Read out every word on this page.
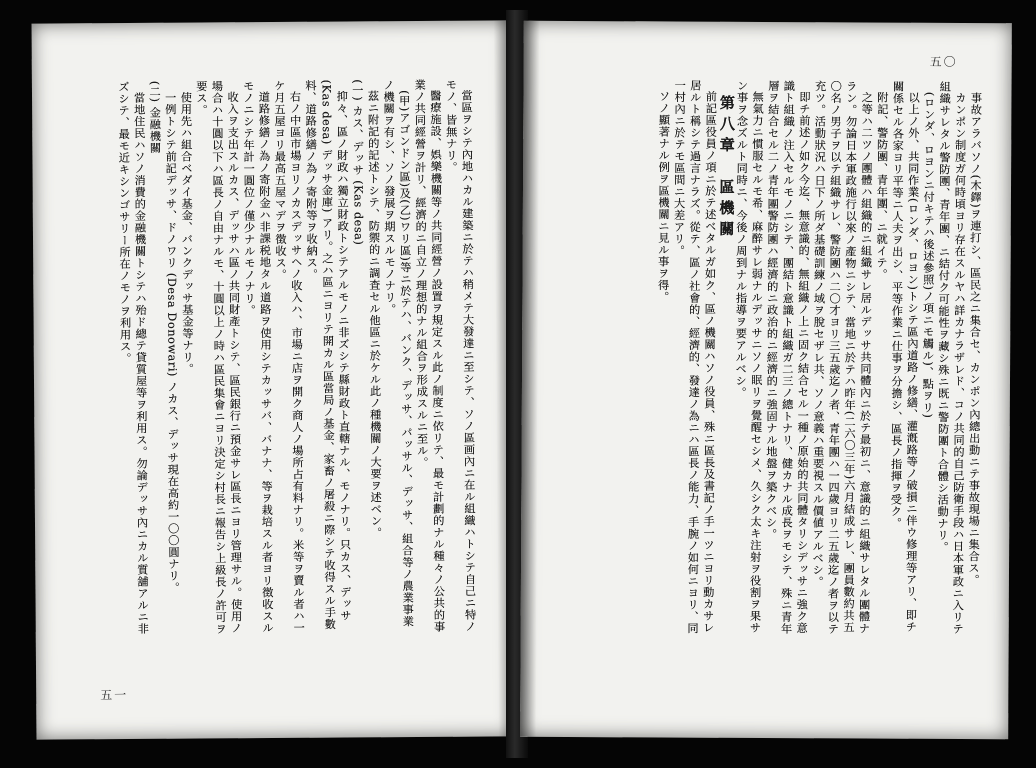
當區ヲシテ內地ハカル建築ニ於テハ稍メテ大發達ニ至シテ、ソノ區画內ニ在ル組織ハトシテ自己ニ特ノモノ、皆無ナリ。

醫療施設、娯樂機關等ノ共同經營ノ設置ヲ規定スル此ノ制度ニ依リテ、最モ計劃的ナル種々ノ公共的事業ノ共同經營ヲ計リ、經濟的ニ自立ノ理想的ナル組合ヲ形成スルニ至ル。

(甲)アゴンドン區)及(乙)ワリ區)等ニ於テハ、バンク、デッサ、パッサル、デッサ、組合等ノ農業事業ノ機關ヲ有シ、ソノ發展ヲ期スルモノナリ。

茲ニ附記的記述トシテ、防禦的ニ調査セル他區ニ於ケル此ノ種機關ノ大要ヲ述ベン。

(一) カス、デッサ (Kas desa)

抑々、區ノ財政ハ獨立財政トシテアルモノニ非ズシテ縣財政ト直轄ナル、モノナリ。只カス、デッサ (Kas desa) デッサ金庫) アリ。之ハ區ニヨリテ開カル區當局ノ基金、家畜ノ屠殺ニ際シテ收得スル手數料、道路修繕ノ為ノ寄附等ヲ收納ス。

右ノ中區市場ヨリノカスデッサヘノ收入ハ、市場ニ店ヲ開ク商人ノ場所占有料ナリ。米等ヲ賣ル者ハ一ケ月五屋ヨリ最高五屋マデヲ徴收ス。

道路修繕ノ為ノ寄附金ハ非課税地タル道路ヲ使用シテカッサバ、バナナ、等ヲ栽培スル者ヨリ徴收スルモノニシテ年計一圓位ノ僅少ナルモノナリ。

收入ヲ支出スルカス、デッサハ區ノ共同財產トシテ、區民銀行ニ預金サレ區長ニヨリ管理サル。使用ノ場合ハ十圓以下ハ區長ノ自由ナルモ、十圓以上ノ時ハ區民集會ニヨリ決定シ村長ニ報告シ上級長ノ許可ヲ要ス。

使用先ハ組合ベダイ基金、バンクデッサ基金等ナリ。

一例トシテ前記デッサ、ドノワリ (Desa Donowari) ノカス、デッサ現在高約一〇〇圓ナリ。

(二) 金融機關

當地住民ハソノ消費的金融機關トシテハ殆ド總テ貸質屋等ヲ利用ス。勿論デッサ內ニカル質舖アルニ非ズシテ、最モ近キシンゴサリー所在ノモノヲ利用ス。

五一
五〇

事故アラバソノ(木鐸)ヲ連打シ、區民之ニ集合セ、カンポン內總出動ニテ事故現場ニ集合ス。

カンポン制度ガ何時頃ヨリ存在スルヤハ詳カナラザレド、コノ共同的自己防衛手段ハ日本軍政ニ入リテ組織サレタル警防團、青年團、ニ結付ク可能性ヲ藏シ殊ニ既ニ警防團ト合體シ活動ナリ。

(ロンダ、ロヨンニ付キテハ後述參照)ノ項ニモ觸ル)、點ヲリ)

以上ノ外、共同作業(ロンダ、ロヨン)トシテ區內道路ノ修繕、灌漑路等ノ破損ニ伴ウ修理等アリ、即チ關係セル各家ヨリ平等ニ人夫ヲ出シ、平等作業ニ仕事ヲ分擔シ、區長ノ指揮ヲ受ク。

附記、警防團、青年團、ニ就イテ。

之等ハ二ツノ團體ハ組織的ニ組織サレ居ルデッサ共同體內ニ於テ最初ニ、意識的ニ組織サレタル團體ナラン。勿論日本軍政施行以來ノ產物ニシテ、當地ニ於テハ昨年(二六〇三年)六月結成サレ、團員數約共五〇名ノ男子ヲ以テ組織サレ、警防團ハ二〇才ヨリ三五歲迄ノ者、青年團ハ一四歲ヨリ二五歲迄ノ者ヲ以テ充ツ。活動狀況ハ日下ノ所ダ基礎訓練ノ域ヲ脫セザレ共、ソノ意義ハ重要視スル價値アルベシ。

即チ前述ノ如ク今迄、無意識的、無組織ノ上ニ固ク結合セル一種ノ原始的共同體タリシデッサニ強ク意識ト組織ノ注入セルモノニシテ、團結ト意識ト組織ガ二三ノ總トナリ、健カナル成長ヲモシテ、殊ニ青年層ヲ結合セル二ノ青年團警防團ハ經濟的ニ政治的ニ經濟的ニ強固ナル地盤ヲ築クベシ。

無氣力ニ慣服セルモ希、麻醉サレ弱ナルデッサニソノ眠リヲ覺醒セシメ、久シク太キ注射ヲ役割ヲ果サン事ヲ念ズルト同時ニ、今後ノ周到ナル指導ヲ要アルベシ。

第八章　區機關

前記區役員ノ項ニ於テ述ベタルガ如ク、區ノ機關ハソノ役員、殊ニ區長及書記ノ手一ツニヨリ動カサレ居ルト稱シテ過言ナラズ。從テ、區ノ社會的、經濟的、發達ノ為ニハ區長ノ能力、手腕ノ如何ニヨリ、同一村內ニ於テモ區間ニ大差アリ。

ソノ顯著ナル例ヲ區機關ニ見ル事ヲ得。
